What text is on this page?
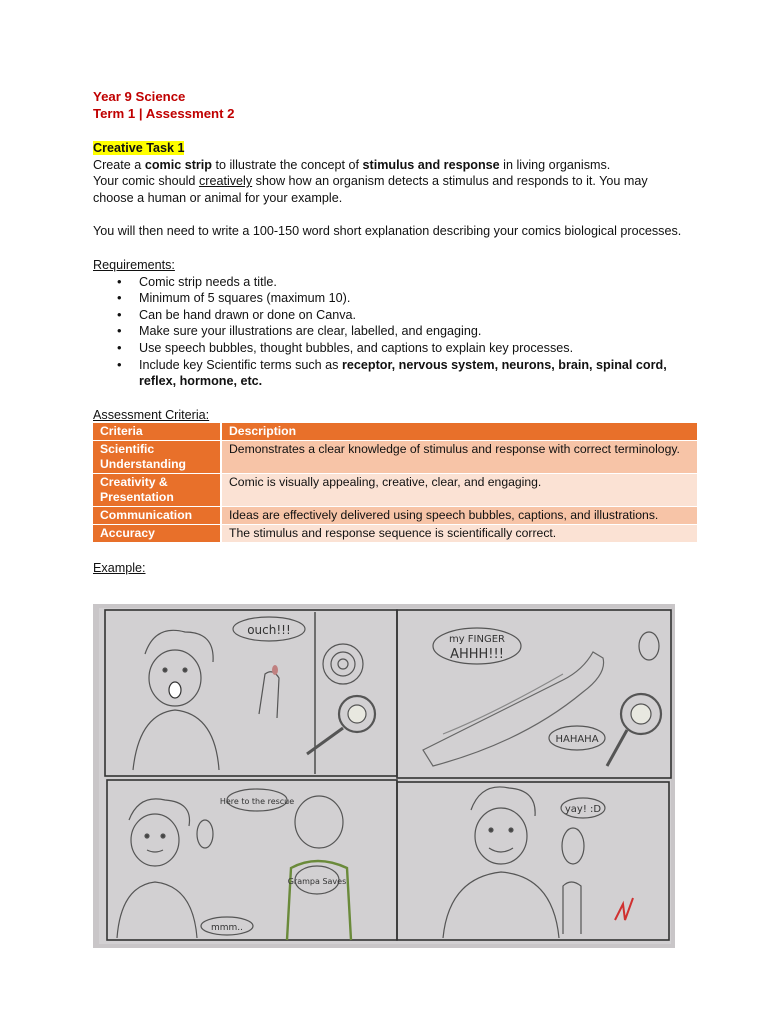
Year 9 Science

Term 1 | Assessment 2

Creative Task 1

Create a comic strip to illustrate the concept of stimulus and response in living organisms.
Your comic should creatively show how an organism detects a stimulus and responds to it. You may choose a human or animal for your example.

You will then need to write a 100-150 word short explanation describing your comics biological processes.

Requirements:

• Comic strip needs a title.
• Minimum of 5 squares (maximum 10).
• Can be hand drawn or done on Canva.
• Make sure your illustrations are clear, labelled, and engaging.
• Use speech bubbles, thought bubbles, and captions to explain key processes.
• Include key Scientific terms such as receptor, nervous system, neurons, brain, spinal cord, reflex, hormone, etc.

Assessment Criteria:

Criteria	Description
Scientific Understanding	Demonstrates a clear knowledge of stimulus and response with correct terminology.
Creativity & Presentation	Comic is visually appealing, creative, clear, and engaging.
Communication	Ideas are effectively delivered using speech bubbles, captions, and illustrations.
Accuracy	The stimulus and response sequence is scientifically correct.

Example:

ouch!!!
my FINGER
AHHH!!!
HAHAHA
Here to the rescue
Grampa Saves
mmm..
yay! :D
